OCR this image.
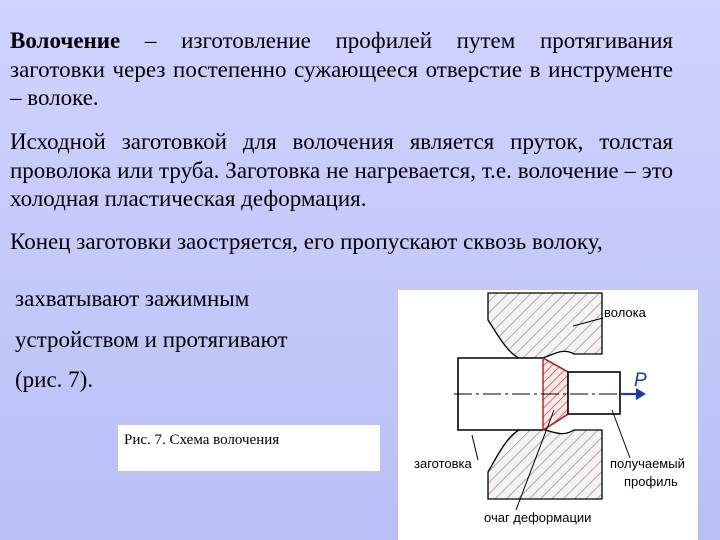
Волочение – изготовление профилей путем протягивания заготовки через постепенно сужающееся отверстие в инструменте – волоке.

Исходной заготовкой для волочения является пруток, толстая проволока или труба. Заготовка не нагревается, т.е. волочение – это холодная пластическая деформация.

Конец заготовки заостряется, его пропускают сквозь волоку,

захватывают зажимным

устройством и протягивают

(рис. 7).

Рис. 7. Схема волочения
волока
P
заготовка	получаемый
профиль
очаг деформации
